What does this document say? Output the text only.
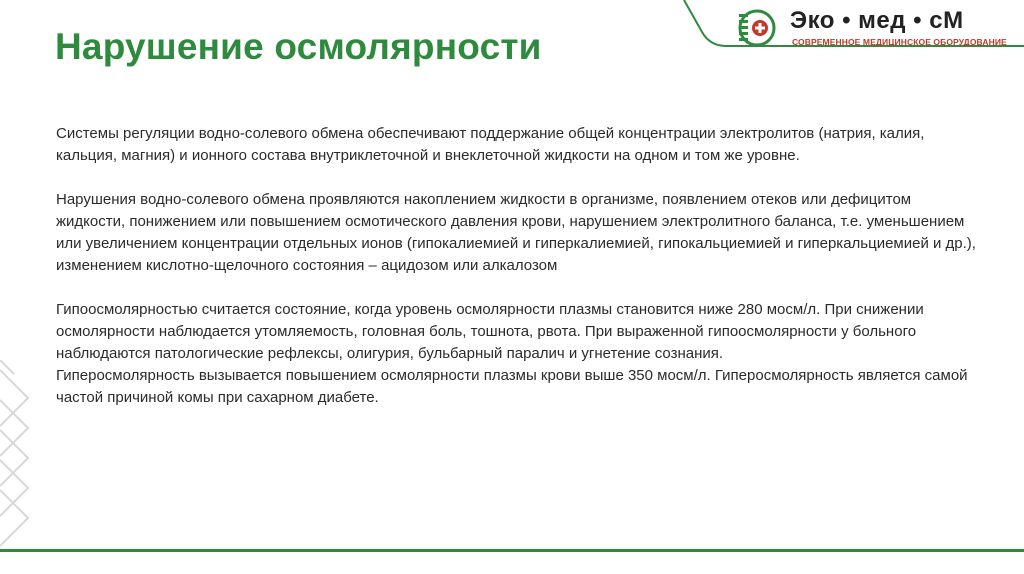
Эко • мед • сМ
СОВРЕМЕННОЕ МЕДИЦИНСКОЕ ОБОРУДОВАНИЕ
Нарушение осмолярности

Системы регуляции водно-солевого обмена обеспечивают поддержание общей концентрации электролитов (натрия, калия, кальция, магния) и ионного состава внутриклеточной и внеклеточной жидкости на одном и том же уровне.

Нарушения водно-солевого обмена проявляются накоплением жидкости в организме, появлением отеков или дефицитом жидкости, понижением или повышением осмотического давления крови, нарушением электролитного баланса, т.е. уменьшением или увеличением концентрации отдельных ионов (гипокалиемией и гиперкалиемией, гипокальциемией и гиперкальциемией и др.), изменением кислотно-щелочного состояния – ацидозом или алкалозом

Гипоосмолярностью считается состояние, когда уровень осмолярности плазмы становится ниже 280 мосм/л. При снижении осмолярности наблюдается утомляемость, головная боль, тошнота, рвота. При выраженной гипоосмолярности у больного наблюдаются патологические рефлексы, олигурия, бульбарный паралич и угнетение сознания.

Гиперосмолярность вызывается повышением осмолярности плазмы крови выше 350 мосм/л. Гиперосмолярность является самой частой причиной комы при сахарном диабете.
